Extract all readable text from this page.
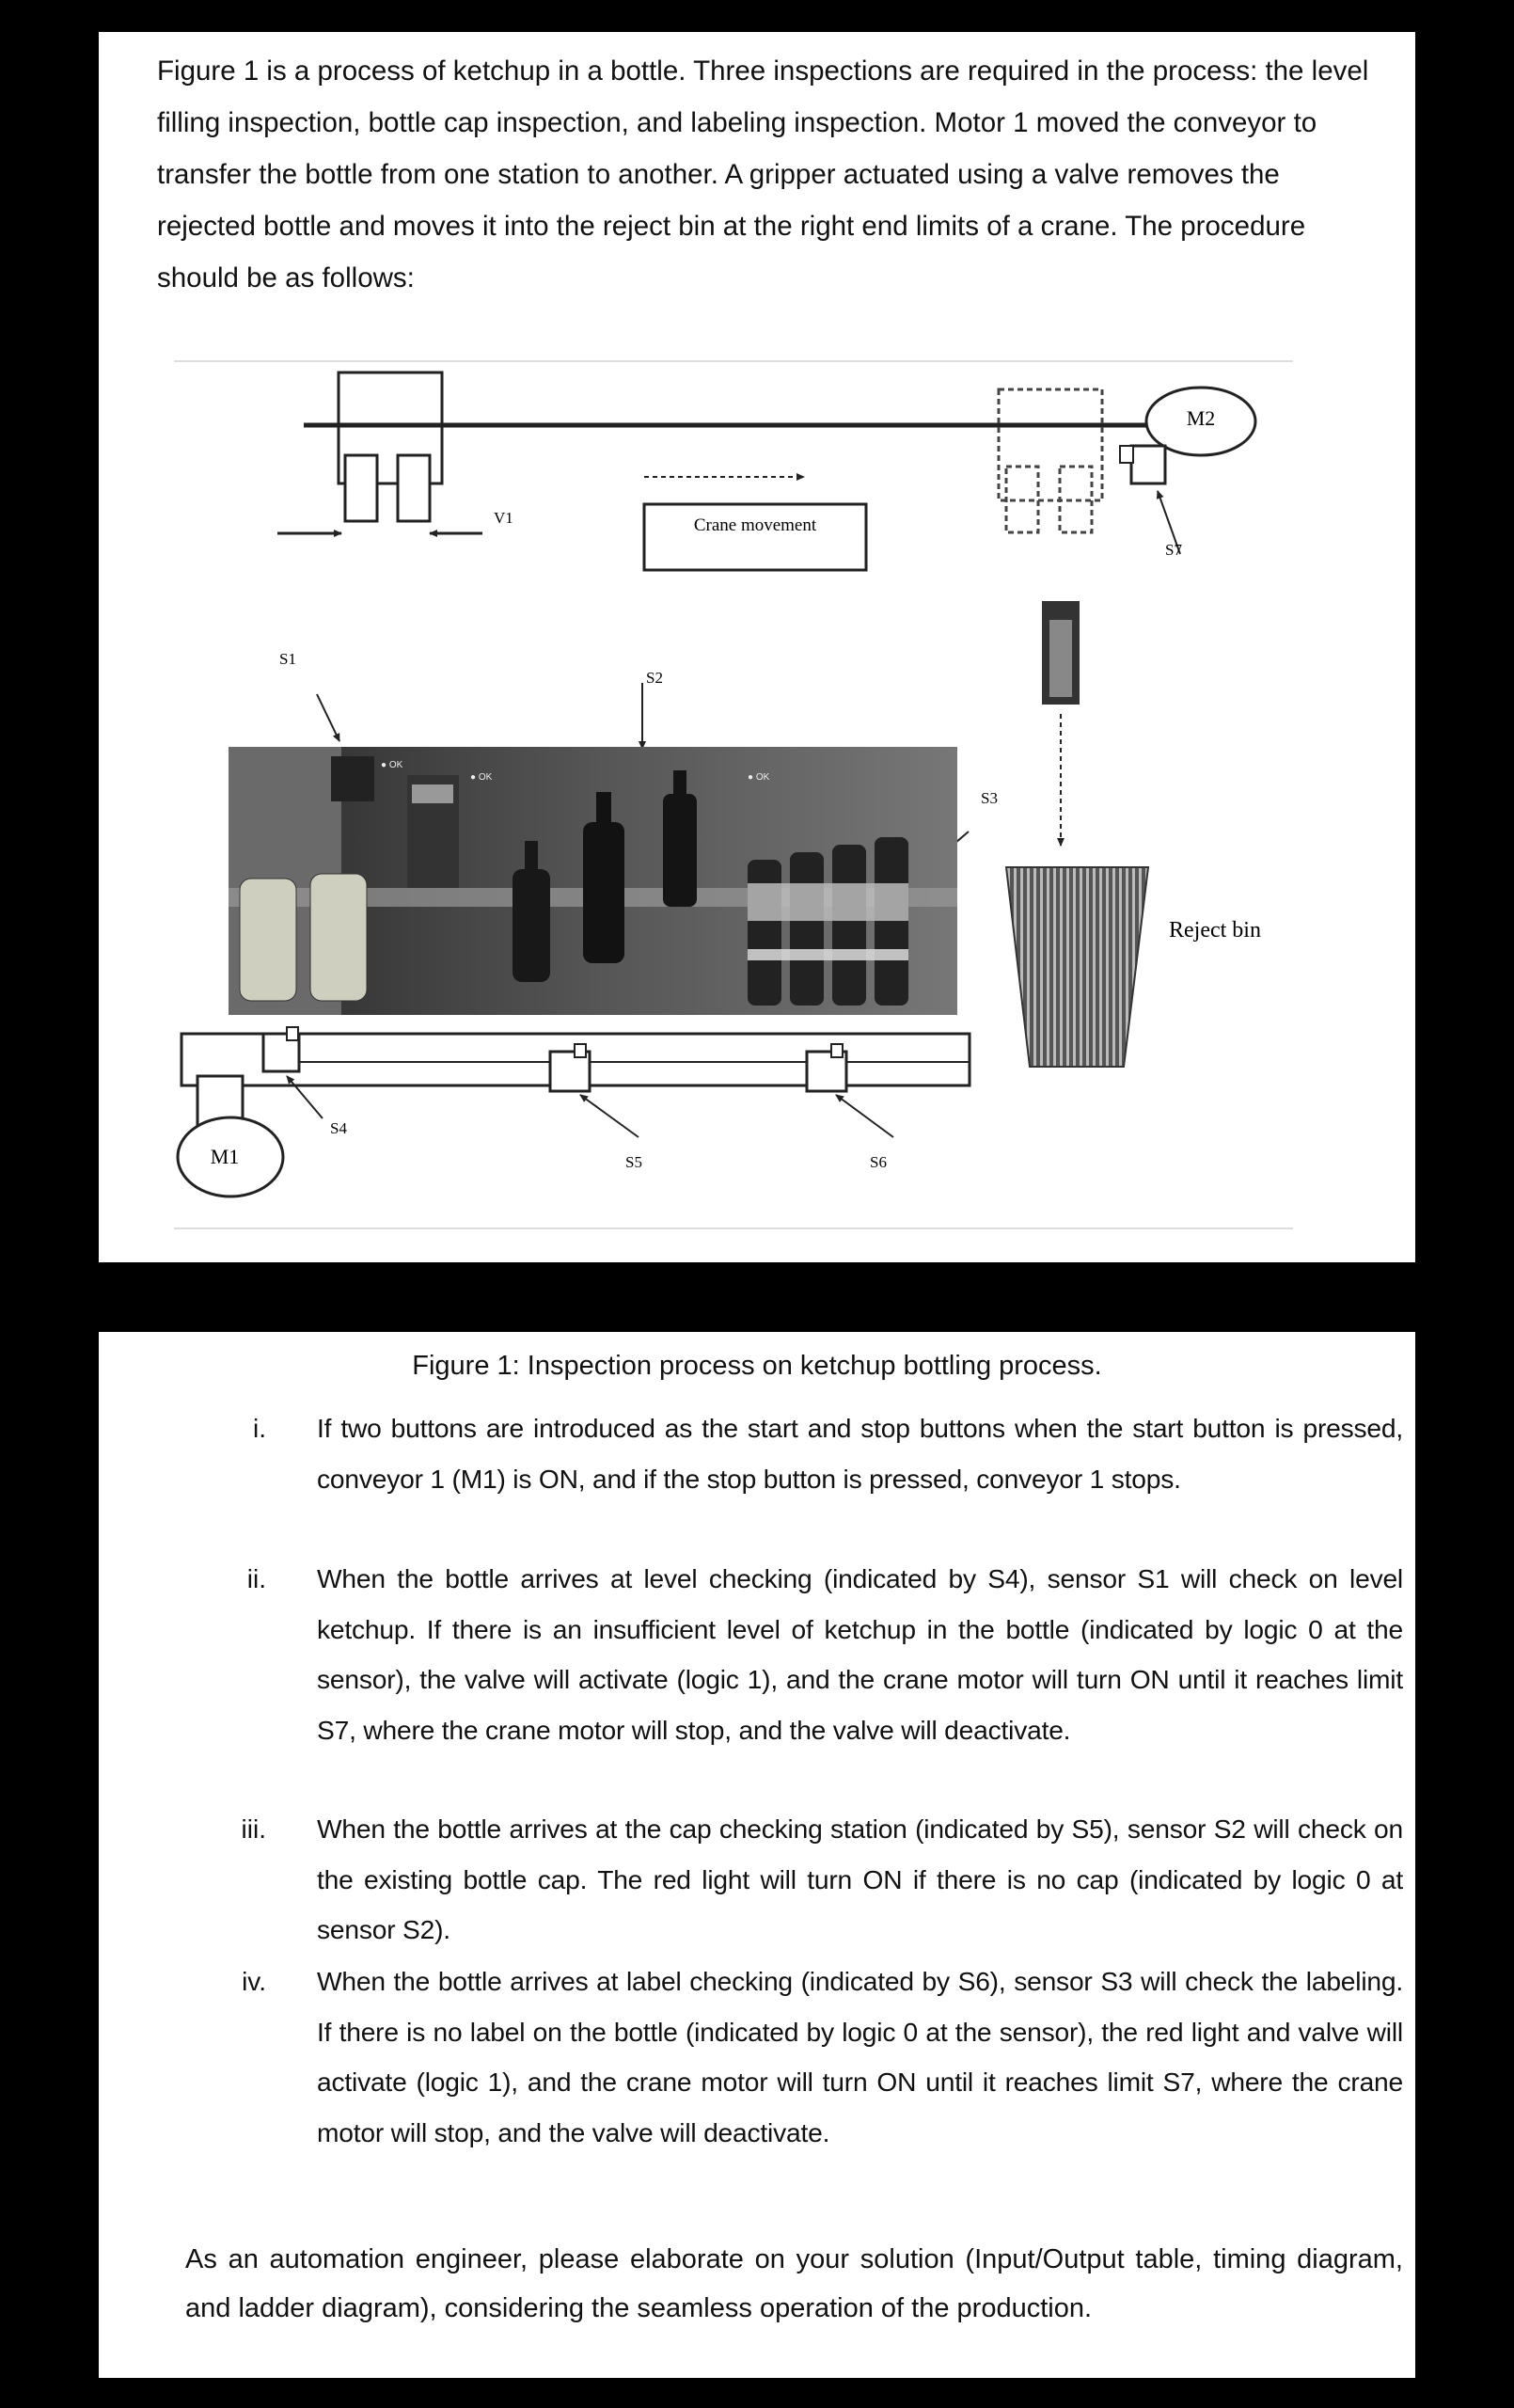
Figure 1 is a process of ketchup in a bottle. Three inspections are required in the process: the level filling inspection, bottle cap inspection, and labeling inspection. Motor 1 moved the conveyor to transfer the bottle from one station to another. A gripper actuated using a valve removes the rejected bottle and moves it into the reject bin at the right end limits of a crane. The procedure should be as follows:

V1	Crane movement
M2
S7
Reject bin
S1
S2
S3
● OK
● OK	● OK
M1
S4
S5	S6

Figure 1: Inspection process on ketchup bottling process.

i. If two buttons are introduced as the start and stop buttons when the start button is pressed, conveyor 1 (M1) is ON, and if the stop button is pressed, conveyor 1 stops.
ii. When the bottle arrives at level checking (indicated by S4), sensor S1 will check on level ketchup. If there is an insufficient level of ketchup in the bottle (indicated by logic 0 at the sensor), the valve will activate (logic 1), and the crane motor will turn ON until it reaches limit S7, where the crane motor will stop, and the valve will deactivate.
iii. When the bottle arrives at the cap checking station (indicated by S5), sensor S2 will check on the existing bottle cap. The red light will turn ON if there is no cap (indicated by logic 0 at sensor S2).
iv. When the bottle arrives at label checking (indicated by S6), sensor S3 will check the labeling. If there is no label on the bottle (indicated by logic 0 at the sensor), the red light and valve will activate (logic 1), and the crane motor will turn ON until it reaches limit S7, where the crane motor will stop, and the valve will deactivate.

As an automation engineer, please elaborate on your solution (Input/Output table, timing diagram, and ladder diagram), considering the seamless operation of the production.
